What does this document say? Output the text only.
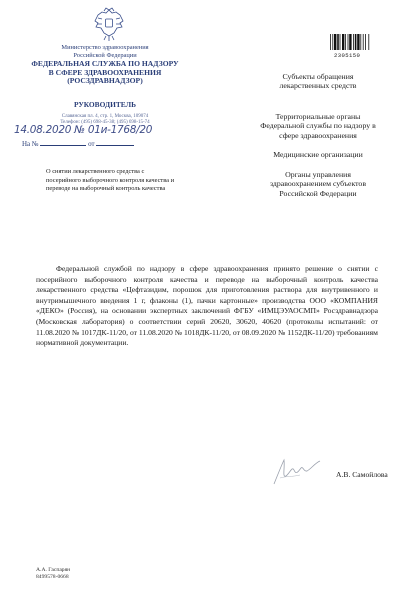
Министерство здравоохранения
Российской Федерации
ФЕДЕРАЛЬНАЯ СЛУЖБА ПО НАДЗОРУ
В СФЕРЕ ЗДРАВООХРАНЕНИЯ
(РОСЗДРАВНАДЗОР)
РУКОВОДИТЕЛЬ
Славянская пл. 4, стр. 1, Москва, 109074
Телефон: (495) 698-45-38; (495) 698-15-74
14.08.2020 № 01и-1768/20
На №	от
О снятии лекарственного средства с посерийного выборочного контроля качества и переводе на выборочный контроль качества
2305150
Субъекты обращения лекарственных средств
Территориальные органы Федеральной службы по надзору в сфере здравоохранения
Медицинские организации
Органы управления здравоохранением субъектов Российской Федерации
Федеральной службой по надзору в сфере здравоохранения принято решение о снятии с посерийного выборочного контроля качества и переводе на выборочный контроль качества лекарственного средства «Цефтазидим, порошок для приготовления раствора для внутривенного и внутримышечного введения 1 г, флаконы (1), пачки картонные» производства ООО «КОМПАНИЯ «ДЕКО» (Россия), на основании экспертных заключений ФГБУ «ИМЦЭУАОСМП» Росздравнадзора (Московская лаборатория) о соответствии серий 20620, 30620, 40620 (протоколы испытаний: от 11.08.2020 № 1017ДК-11/20, от 11.08.2020 № 1018ДК-11/20, от 08.09.2020 № 1152ДК-11/20) требованиям нормативной документации.
А.В. Самойлова
А.А. Гаспарян
8499578-0668
